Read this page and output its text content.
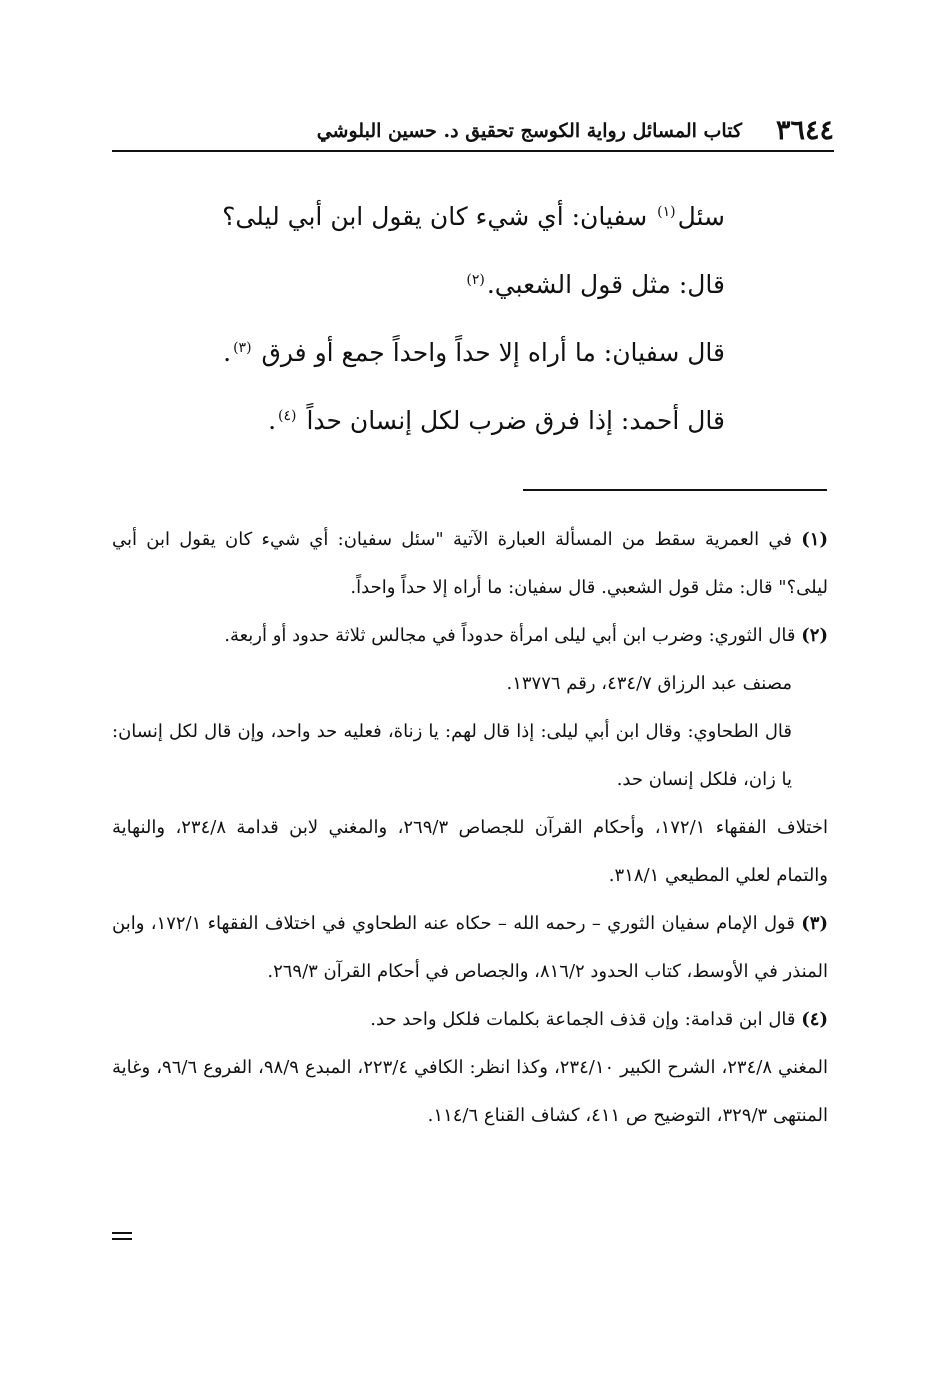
٣٦٤٤
كتاب المسائل رواية الكوسج تحقيق د. حسين البلوشي
سئل$^{(١)}$ سفيان: أي شيء كان يقول ابن أبي ليلى؟
قال: مثل قول الشعبي.$^{(٢)}$
قال سفيان: ما أراه إلا حداً واحداً جمع أو فرق $^{(٣)}$.
قال أحمد: إذا فرق ضرب لكل إنسان حداً $^{(٤)}$.

(١) في العمرية سقط من المسألة العبارة الآتية "سئل سفيان: أي شيء كان يقول ابن أبي ليلى؟" قال: مثل قول الشعبي. قال سفيان: ما أراه إلا حداً واحداً.

(٢) قال الثوري: وضرب ابن أبي ليلى امرأة حدوداً في مجالس ثلاثة حدود أو أربعة.

مصنف عبد الرزاق ٤٣٤/٧، رقم ١٣٧٧٦.

قال الطحاوي: وقال ابن أبي ليلى: إذا قال لهم: يا زناة، فعليه حد واحد، وإن قال لكل إنسان: يا زان، فلكل إنسان حد.

اختلاف الفقهاء ١٧٢/١، وأحكام القرآن للجصاص ٢٦٩/٣، والمغني لابن قدامة ٢٣٤/٨، والنهاية والتمام لعلي المطيعي ٣١٨/١.

(٣) قول الإمام سفيان الثوري – رحمه الله – حكاه عنه الطحاوي في اختلاف الفقهاء ١٧٢/١، وابن المنذر في الأوسط، كتاب الحدود ٨١٦/٢، والجصاص في أحكام القرآن ٢٦٩/٣.

(٤) قال ابن قدامة: وإن قذف الجماعة بكلمات فلكل واحد حد.

المغني ٢٣٤/٨، الشرح الكبير ٢٣٤/١٠، وكذا انظر: الكافي ٢٢٣/٤، المبدع ٩٨/٩، الفروع ٩٦/٦، وغاية المنتهى ٣٢٩/٣، التوضيح ص ٤١١، كشاف القناع ١١٤/٦.
